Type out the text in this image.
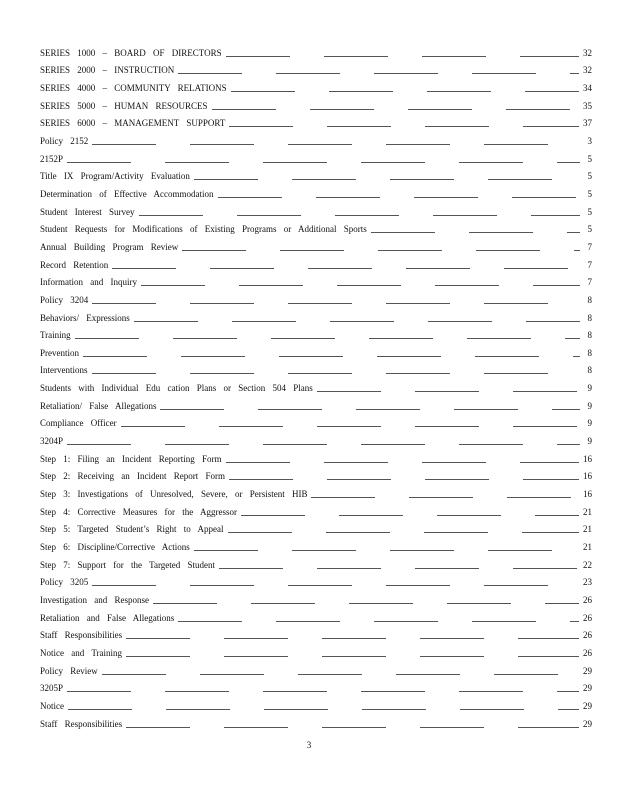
SERIES 1000 – BOARD OF DIRECTORS	32
SERIES 2000 – INSTRUCTION	32
SERIES 4000 – COMMUNITY RELATIONS	34
SERIES 5000 – HUMAN RESOURCES	35
SERIES 6000 – MANAGEMENT SUPPORT	37
Policy 2152	3
2152P	5
Title IX Program/Activity Evaluation	5
Determination of Effective Accommodation	5
Student Interest Survey	5
Student Requests for Modifications of Existing Programs or Additional Sports	5
Annual Building Program Review	7
Record Retention	7
Information and Inquiry	7
Policy 3204	8
Behaviors/ Expressions	8
Training	8
Prevention	8
Interventions	8
Students with Individual Edu cation Plans or Section 504 Plans	9
Retaliation/ False Allegations	9
Compliance Officer	9
3204P	9
Step 1: Filing an Incident Reporting Form	16
Step 2: Receiving an Incident Report Form	16
Step 3: Investigations of Unresolved, Severe, or Persistent HIB	16
Step 4: Corrective Measures for the Aggressor	21
Step 5: Targeted Student’s Right to Appeal	21
Step 6: Discipline/Corrective Actions	21
Step 7: Support for the Targeted Student	22
Policy 3205	23
Investigation and Response	26
Retaliation and False Allegations	26
Staff Responsibilities	26
Notice and Training	26
Policy Review	29
3205P	29
Notice	29
Staff Responsibilities	29
3
